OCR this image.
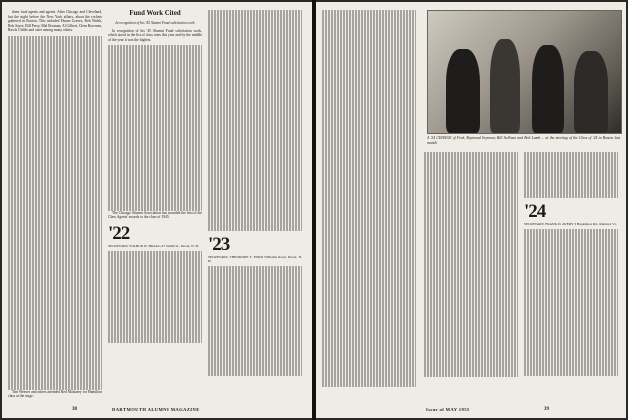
them food agents and agents. After Chicago and Cleveland, but the night before the New York affairs, about the rockets gathered in Boston. This included Duane Graves, Bob Walsh, Bob Sayre, Bill Perry, Mal Rosman, Al Gilbert, Clem Rowreau, Rawls Childs and cater among many others.

Tim Weaver and others attended Red Mahoney for Hamilton class at the stage.

Fund Work Cited

In recognition of his '45 Alumni Fund solicitation work

In recognition of his '45 Alumni Fund solicitation work, which stood in the list of class rates this year and by the middle of the year it was the highest.

The Chicago Alumni Association has awarded the first of the Class Agents' awards to the class of 1945.

'22

SECRETARY, WILBUR W. BRAGG 47 Smith St., Dover, N. H. '23

SECRETARY, THEODORE T. FORD Williams Road, Dover, N. H.

38	DARTMOUTH ALUMNI MAGAZINE
A '24 CHANGE of Fred, Raymond Seymour, Bill Sullivan and Bob Lamb ... at the meeting of the Class of '24 in Boston last month.
'24

SECRETARY, FRANK D. AVERY 3 Hopkinton Rd., Rutland, Vt.

Issue of MAY 1955	39
